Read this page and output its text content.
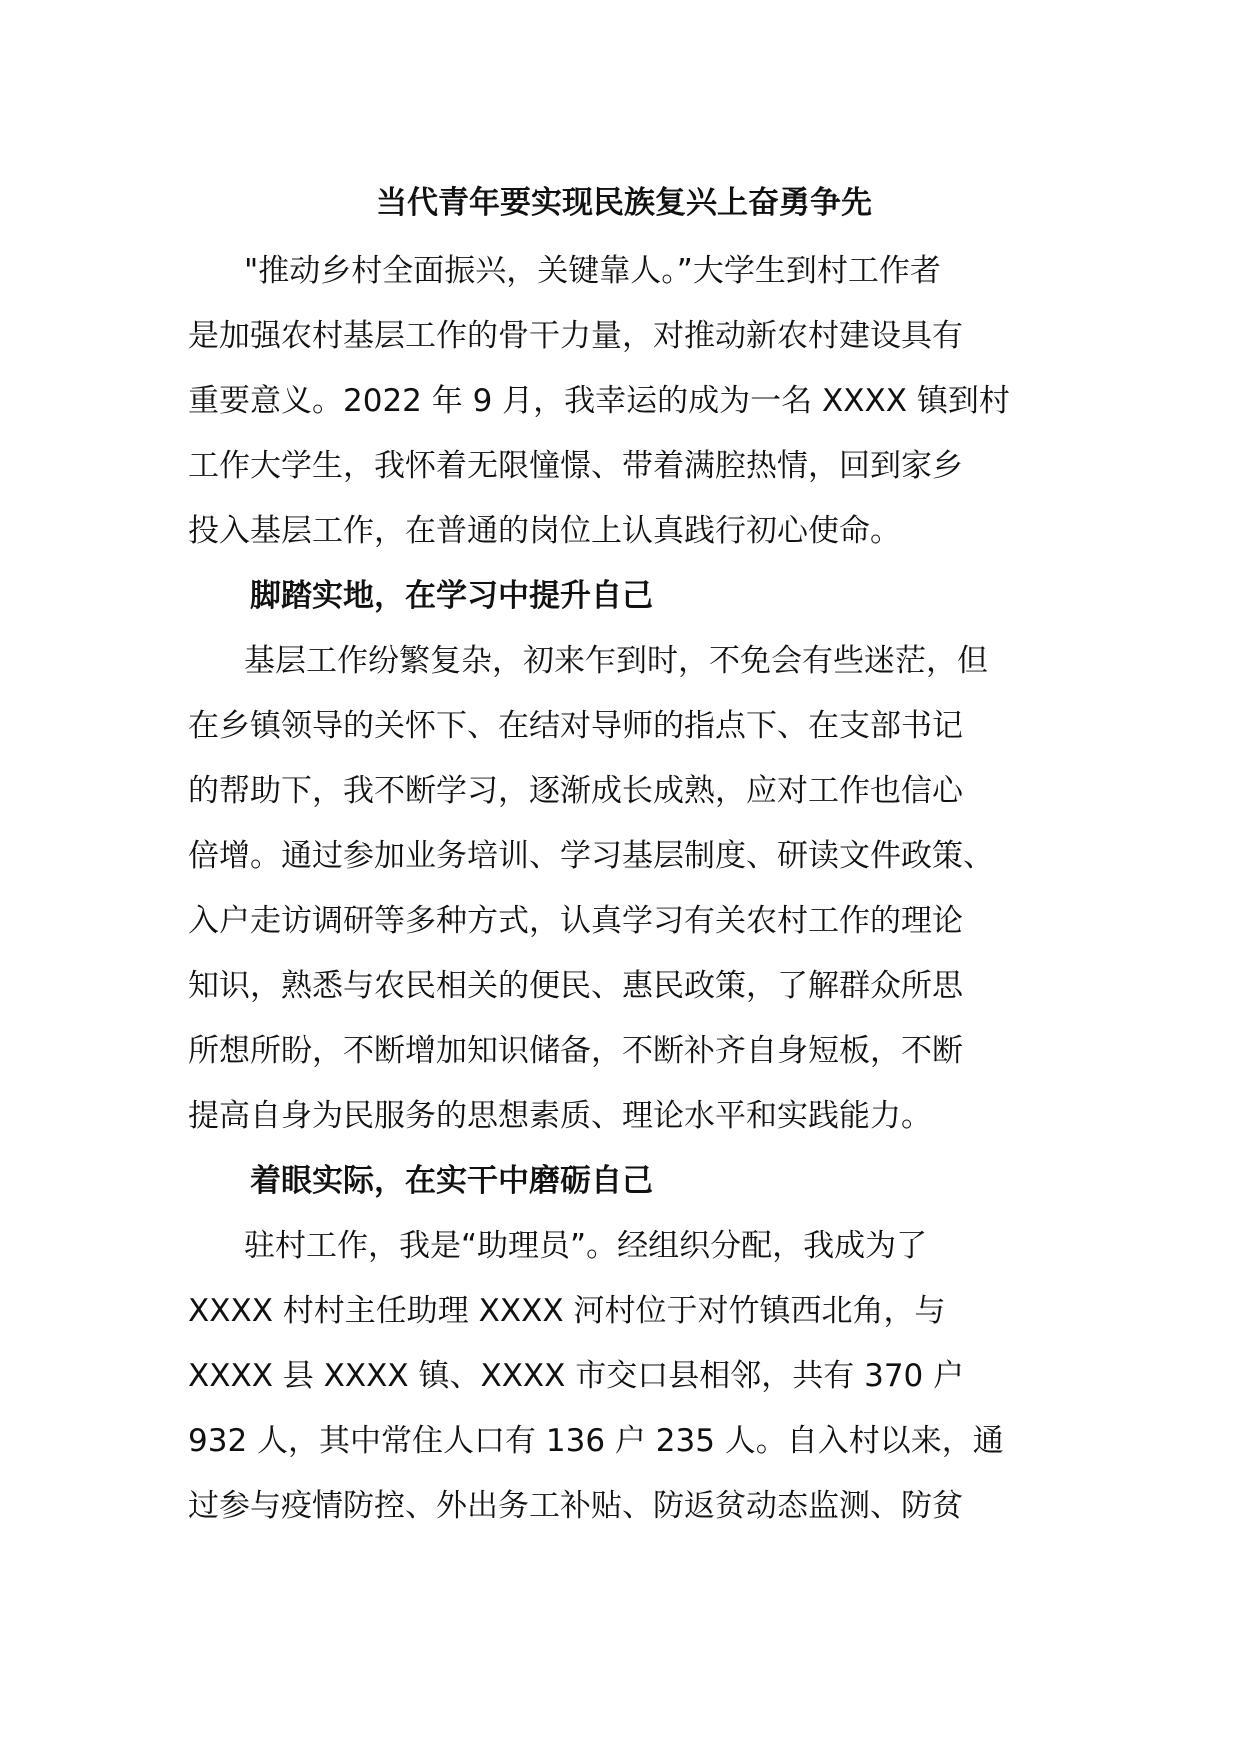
当代青年要实现民族复兴上奋勇争先

"推动乡村全面振兴，关键靠人。”大学生到村工作者
是加强农村基层工作的骨干力量，对推动新农村建设具有
重要意义。2022 年 9 月，我幸运的成为一名 XXXX 镇到村
工作大学生，我怀着无限憧憬、带着满腔热情，回到家乡
投入基层工作，在普通的岗位上认真践行初心使命。

脚踏实地，在学习中提升自己

基层工作纷繁复杂，初来乍到时，不免会有些迷茫，但
在乡镇领导的关怀下、在结对导师的指点下、在支部书记
的帮助下，我不断学习，逐渐成长成熟，应对工作也信心
倍增。通过参加业务培训、学习基层制度、研读文件政策、
入户走访调研等多种方式，认真学习有关农村工作的理论
知识，熟悉与农民相关的便民、惠民政策，了解群众所思
所想所盼，不断增加知识储备，不断补齐自身短板，不断
提高自身为民服务的思想素质、理论水平和实践能力。

着眼实际，在实干中磨砺自己

驻村工作，我是“助理员”。经组织分配，我成为了
XXXX 村村主任助理 XXXX 河村位于对竹镇西北角，与
XXXX 县 XXXX 镇、XXXX 市交口县相邻，共有 370 户
932 人，其中常住人口有 136 户 235 人。自入村以来，通
过参与疫情防控、外出务工补贴、防返贫动态监测、防贫
